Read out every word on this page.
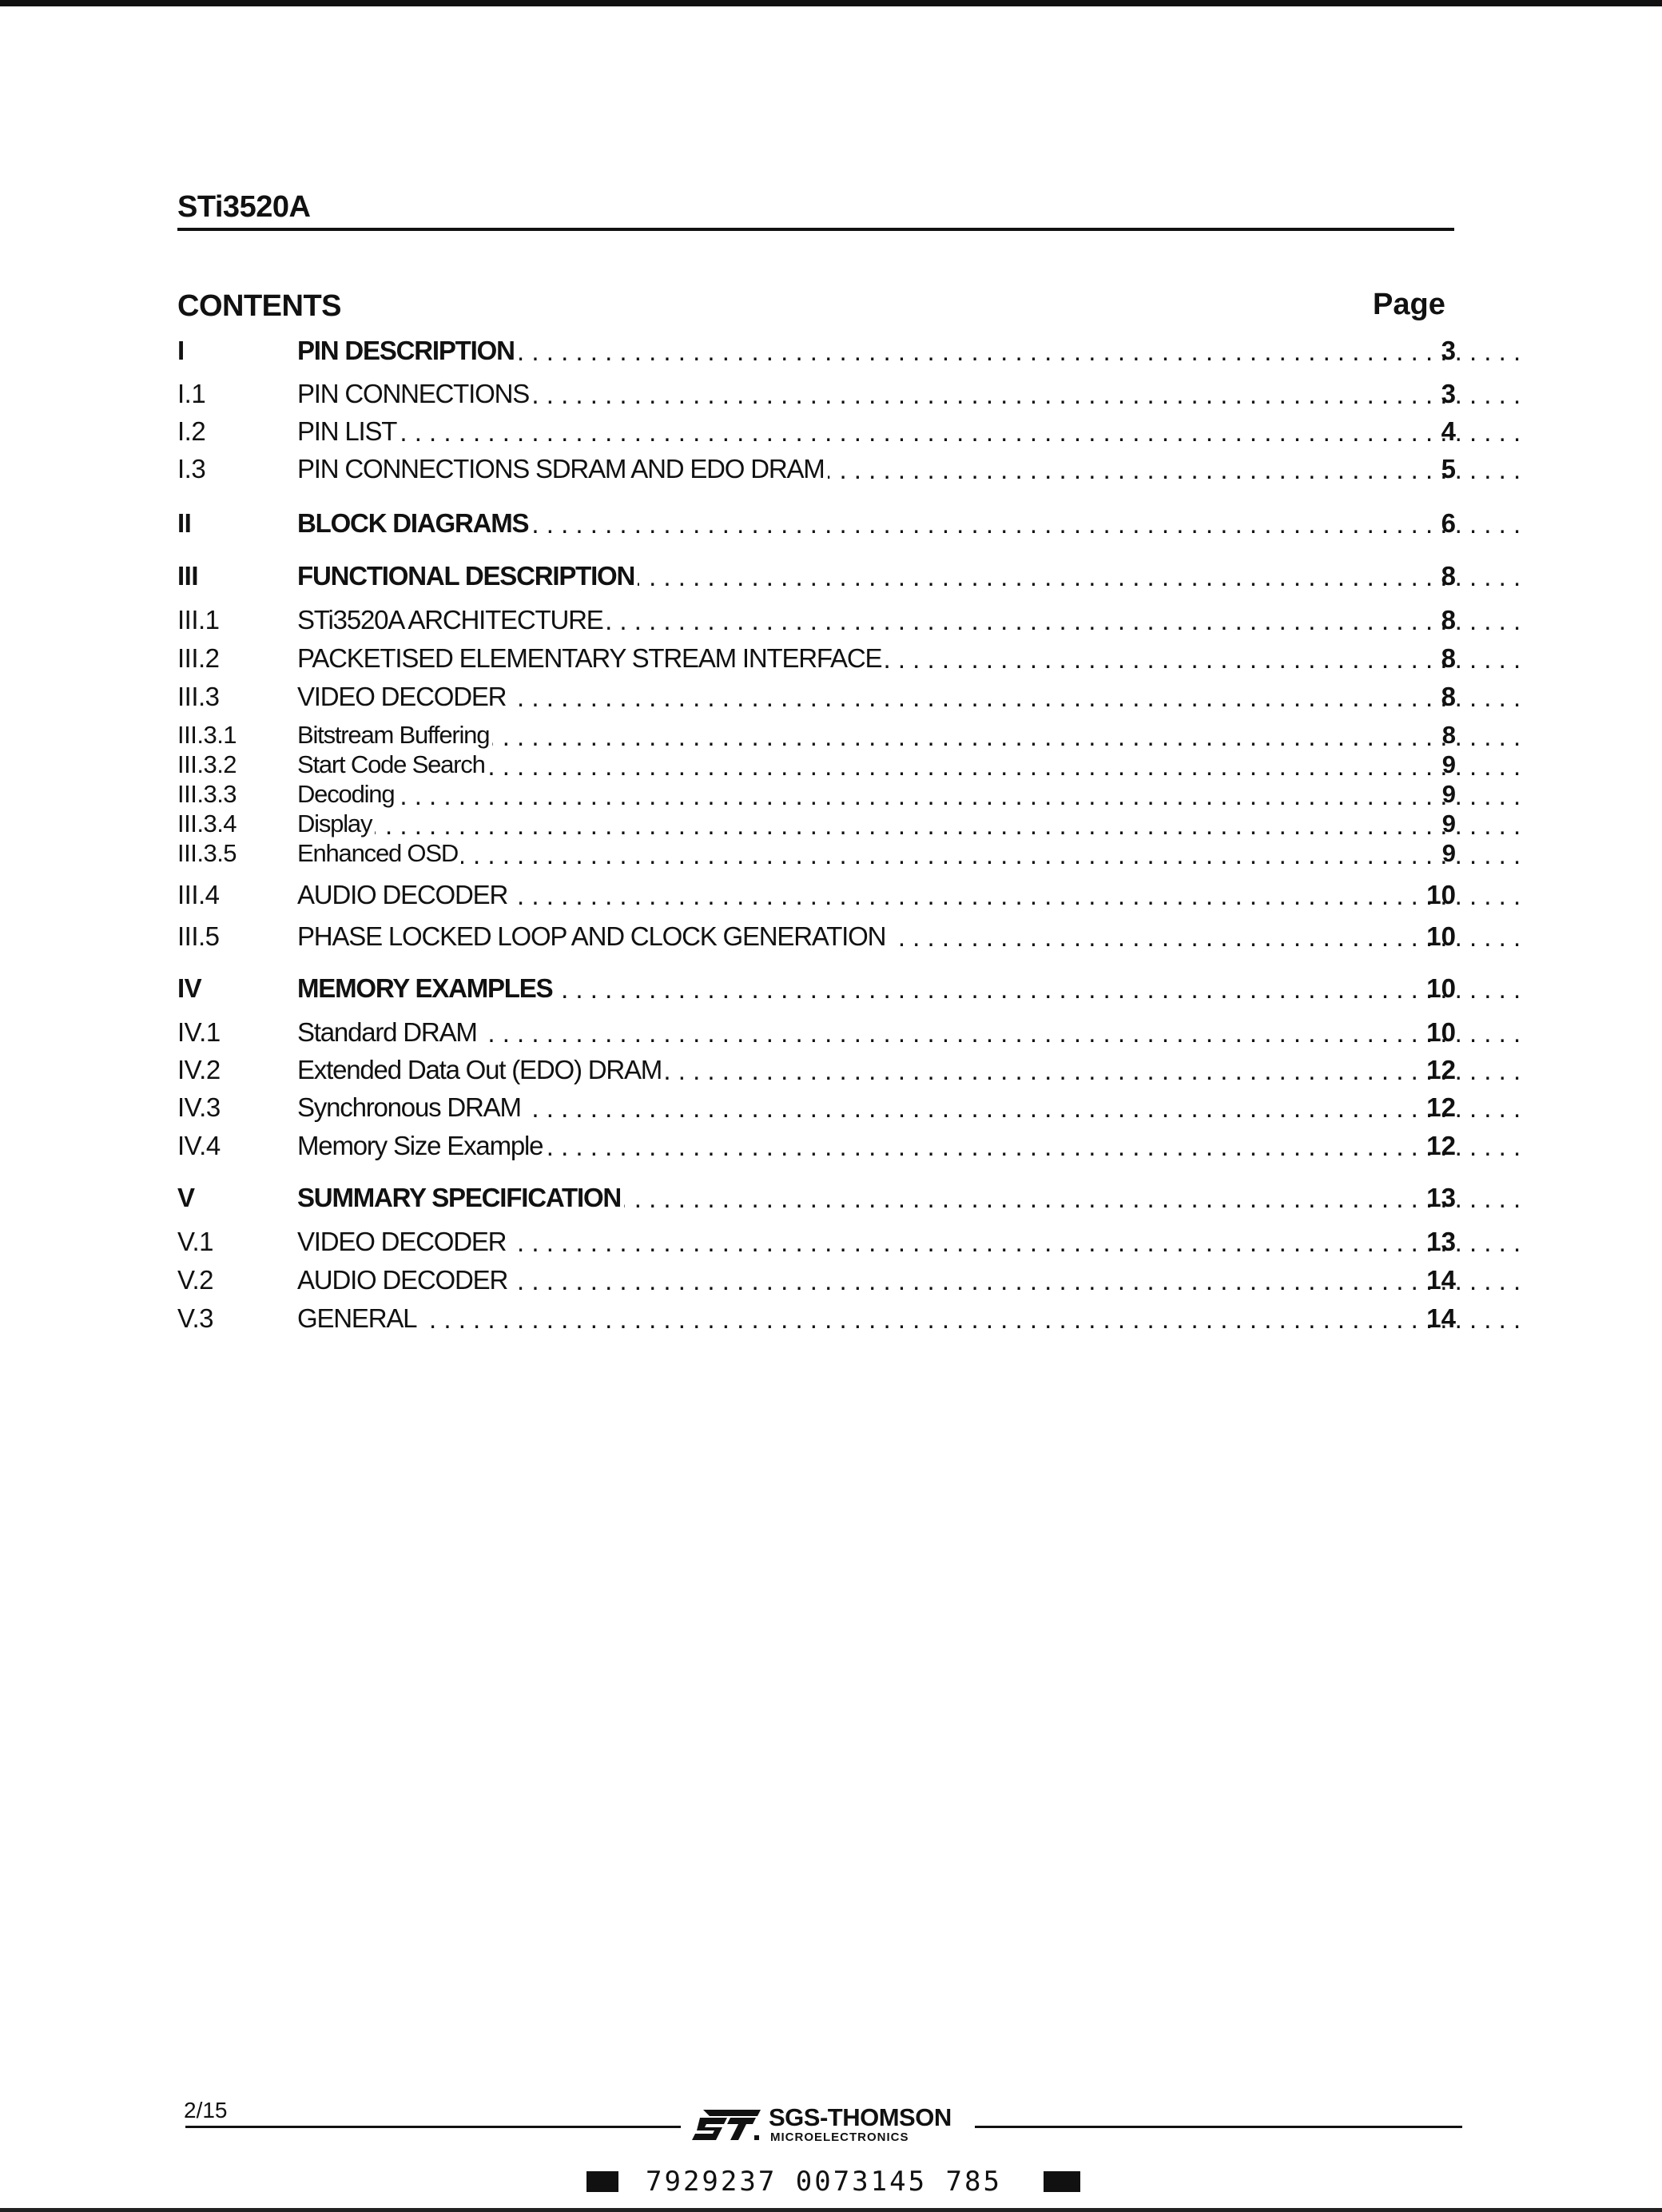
STi3520A
CONTENTS	Page
I . . .	PIN DESCRIPTION	3
I.1 . . .	PIN CONNECTIONS	3
I.2 . . .	PIN LIST	4
I.3 . . .	PIN CONNECTIONS SDRAM AND EDO DRAM	5
II . . .	BLOCK DIAGRAMS	6
III . . .	FUNCTIONAL DESCRIPTION	8
III.1 . . .	STi3520A ARCHITECTURE	8
III.2 . . .	PACKETISED ELEMENTARY STREAM INTERFACE	8
III.3 . . .	VIDEO DECODER	8
III.3.1 . . . Bitstream Buffering	8
III.3.2 . . . Start Code Search	9
III.3.3 . . . Decoding	9
III.3.4 . . . Display	9
III.3.5 . . . Enhanced OSD	9
III.4 . . .	AUDIO DECODER	10
III.5 . . .	PHASE LOCKED LOOP AND CLOCK GENERATION	10
IV . . .	MEMORY EXAMPLES	10
IV.1 . . .	Standard DRAM	10
IV.2 . . .	Extended Data Out (EDO) DRAM	12
IV.3 . . .	Synchronous DRAM	12
IV.4 . . .	Memory Size Example	12
V . . .	SUMMARY SPECIFICATION	13
V.1 . . .	VIDEO DECODER	13
V.2 . . .	AUDIO DECODER	14
V.3 . . .	GENERAL	14
2/15	SGS-THOMSON
MICROELECTRONICS
7929237 0073145 785
